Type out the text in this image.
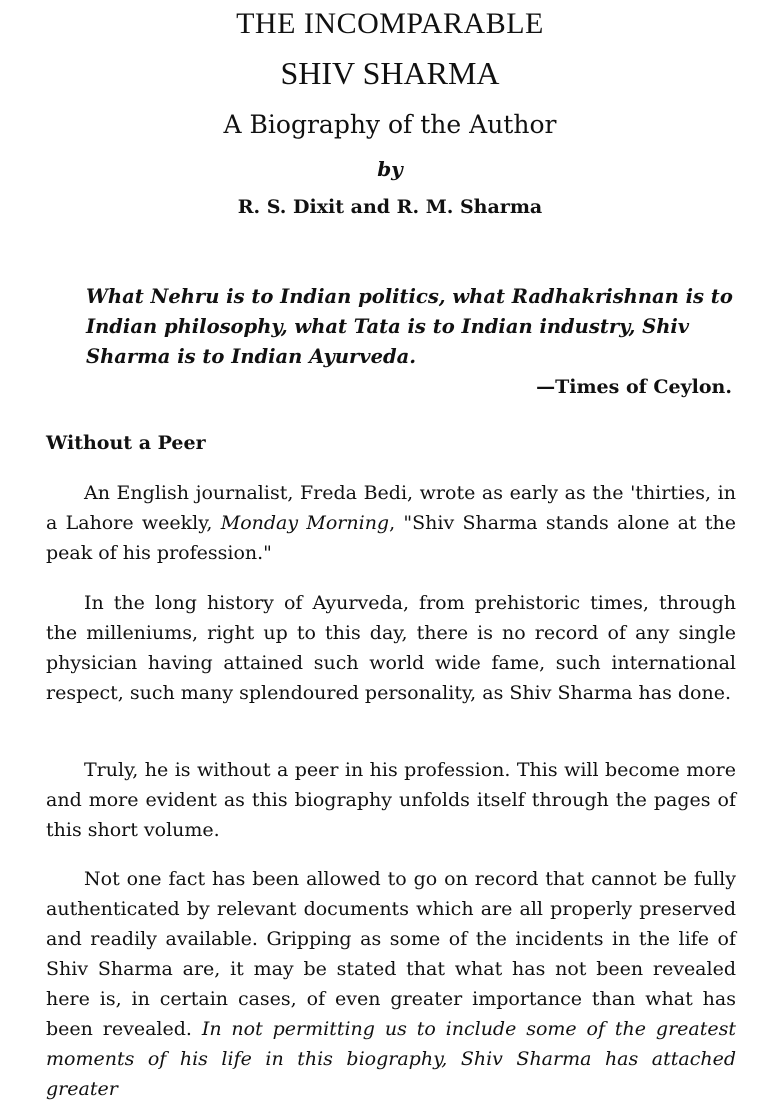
THE INCOMPARABLE
SHIV SHARMA
A Biography of the Author
by
R. S. Dixit and R. M. Sharma

What Nehru is to Indian politics, what Radhakrishnan is to Indian philosophy, what Tata is to Indian industry, Shiv Sharma is to Indian Ayurveda.

—Times of Ceylon.
Without a Peer

An English journalist, Freda Bedi, wrote as early as the 'thirties, in a Lahore weekly, Monday Morning, "Shiv Sharma stands alone at the peak of his profession."

In the long history of Ayurveda, from prehistoric times, through the milleniums, right up to this day, there is no record of any single physician having attained such world wide fame, such international respect, such many splendoured personality, as Shiv Sharma has done.

Truly, he is without a peer in his profession. This will become more and more evident as this biography unfolds itself through the pages of this short volume.

Not one fact has been allowed to go on record that cannot be fully authenticated by relevant documents which are all properly preserved and readily available. Gripping as some of the incidents in the life of Shiv Sharma are, it may be stated that what has not been revealed here is, in certain cases, of even greater importance than what has been revealed. In not permitting us to include some of the greatest moments of his life in this biography, Shiv Sharma has attached greater
